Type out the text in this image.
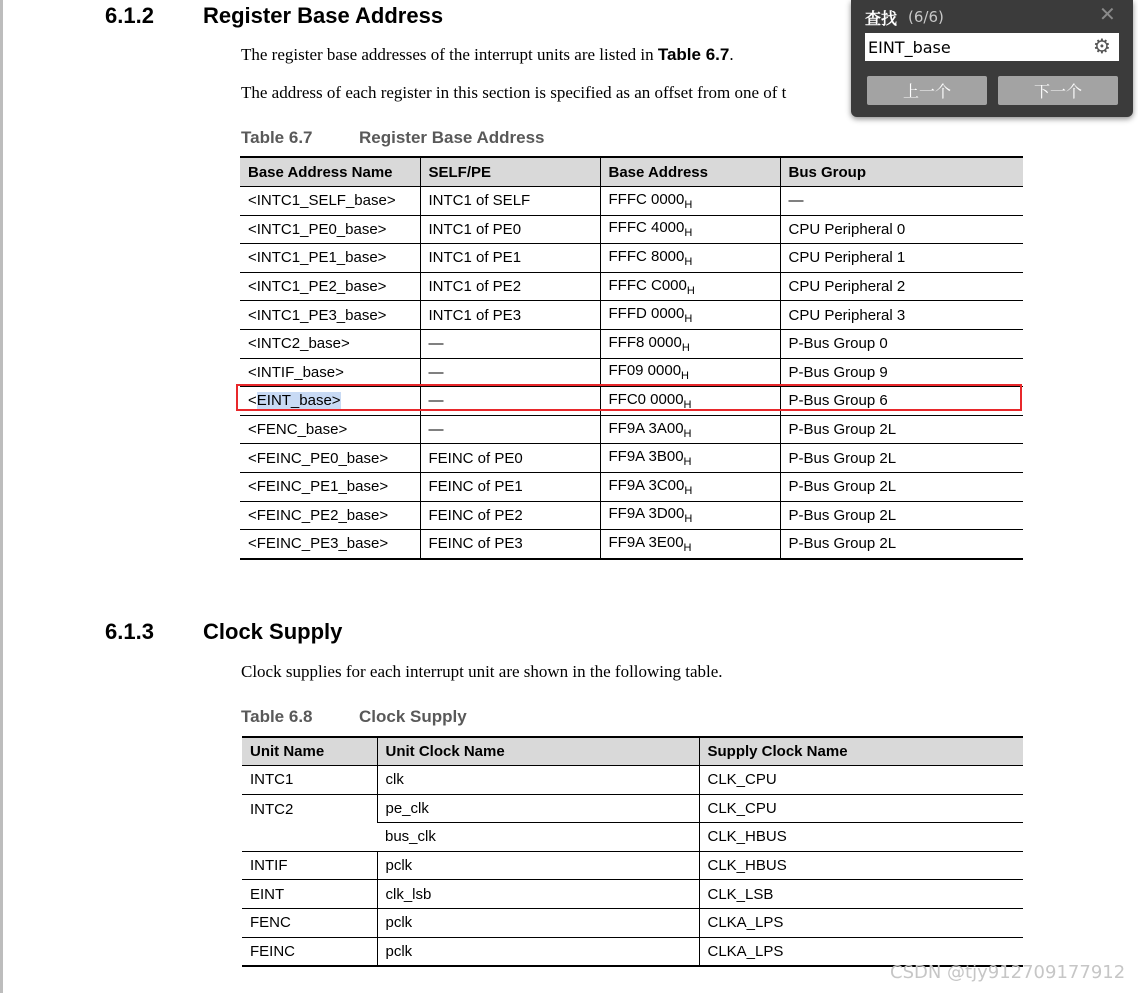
6.1.2 Register Base Address
The register base addresses of the interrupt units are listed in Table 6.7.
The address of each register in this section is specified as an offset from one of t
Table 6.7	Register Base Address
Base Address Name	SELF/PE	Base Address	Bus Group
<INTC1_SELF_base>	INTC1 of SELF	FFFC $0000_H$	—
<INTC1_PE0_base>	INTC1 of PE0	FFFC $4000_H$	CPU Peripheral 0
<INTC1_PE1_base>	INTC1 of PE1	FFFC $8000_H$	CPU Peripheral 1
<INTC1_PE2_base>	INTC1 of PE2	FFFC $C000_H$	CPU Peripheral 2
<INTC1_PE3_base>	INTC1 of PE3	FFFD $0000_H$	CPU Peripheral 3
<INTC2_base>	—	FFF8 $0000_H$	P-Bus Group 0
<INTIF_base>	—	FF09 $0000_H$	P-Bus Group 9
<EINT_base>	—	FFC0 $0000_H$	P-Bus Group 6
<FENC_base>	—	FF9A $3A00_H$	P-Bus Group 2L
<FEINC_PE0_base>	FEINC of PE0	FF9A $3B00_H$	P-Bus Group 2L
<FEINC_PE1_base>	FEINC of PE1	FF9A $3C00_H$	P-Bus Group 2L
<FEINC_PE2_base>	FEINC of PE2	FF9A $3D00_H$	P-Bus Group 2L
<FEINC_PE3_base>	FEINC of PE3	FF9A $3E00_H$	P-Bus Group 2L
6.1.3 Clock Supply
Clock supplies for each interrupt unit are shown in the following table.
Table 6.8	Clock Supply
Unit Name	Unit Clock Name	Supply Clock Name
INTC1	clk	CLK_CPU
INTC2	pe_clk	CLK_CPU
	bus_clk	CLK_HBUS
INTIF	pclk	CLK_HBUS
EINT	clk_lsb	CLK_LSB
FENC	pclk	CLKA_LPS
FEINC	pclk	CLKA_LPS
查找 (6/6)	✕
EINT_base
⚙
上一个	下一个
CSDN @tjy912709177912
